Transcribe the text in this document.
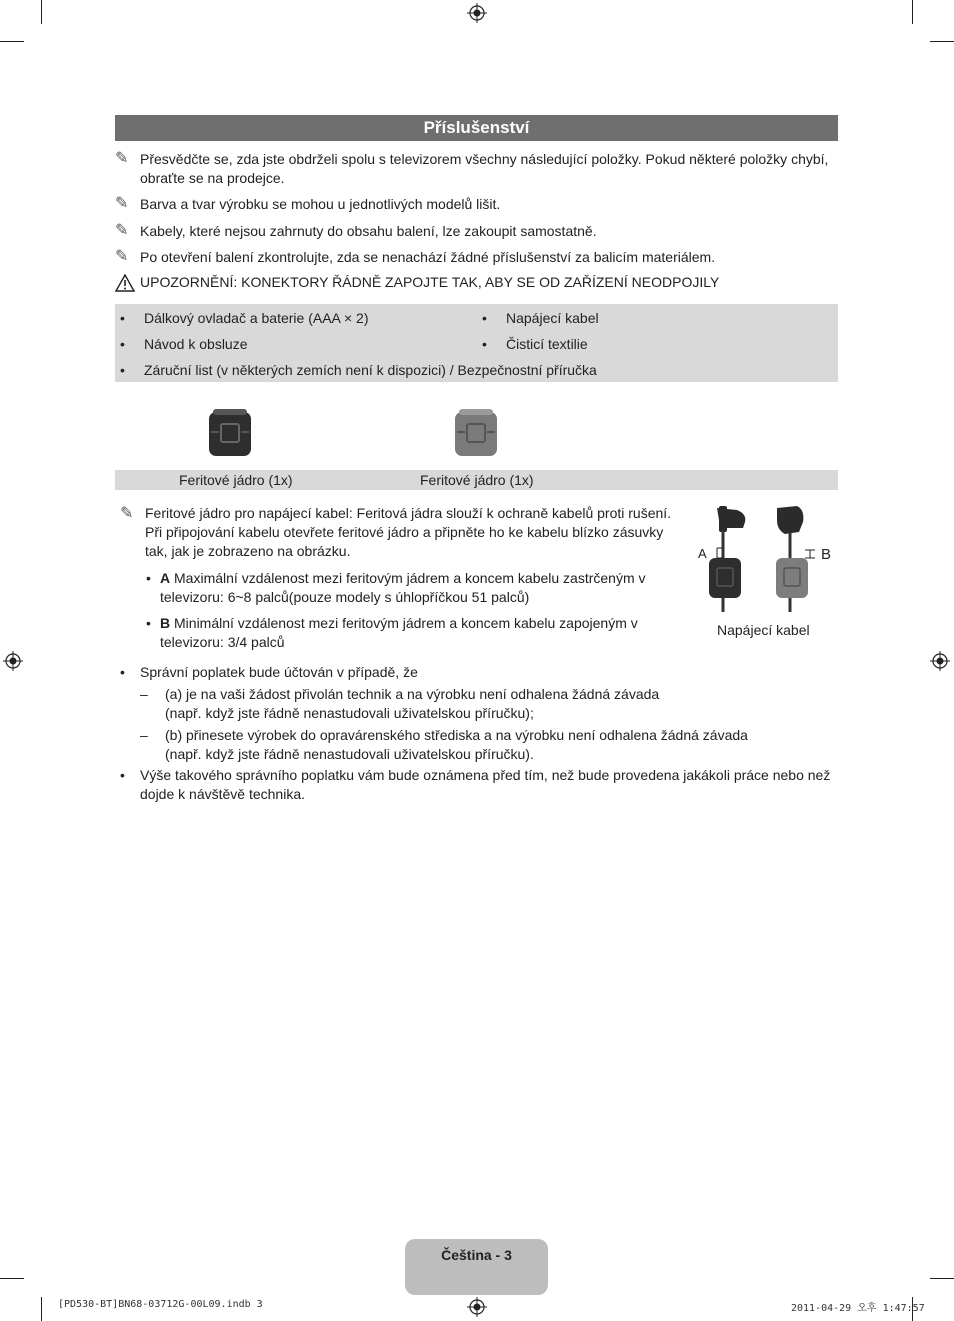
Příslušenství
✎ Přesvědčte se, zda jste obdrželi spolu s televizorem všechny následující položky. Pokud některé položky chybí, obraťte se na prodejce.
✎ Barva a tvar výrobku se mohou u jednotlivých modelů lišit.
✎ Kabely, které nejsou zahrnuty do obsahu balení, lze zakoupit samostatně.
✎ Po otevření balení zkontrolujte, zda se nenachází žádné příslušenství za balicím materiálem.
UPOZORNĚNÍ: KONEKTORY ŘÁDNĚ ZAPOJTE TAK, ABY SE OD ZAŘÍZENÍ NEODPOJILY
• Dálkový ovladač a baterie (AAA × 2)	• Napájecí kabel
• Návod k obsluze	• Čisticí textilie
• Záruční list (v některých zemích není k dispozici) / Bezpečnostní příručka
Feritové jádro (1x)	Feritové jádro (1x)
✎ Feritové jádro pro napájecí kabel: Feritová jádra slouží k ochraně kabelů proti rušení. Při připojování kabelu otevřete feritové jádro a připněte ho ke kabelu blízko zásuvky tak, jak je zobrazeno na obrázku.
• A Maximální vzdálenost mezi feritovým jádrem a koncem kabelu zastrčeným v televizoru: 6~8 palců(pouze modely s úhlopříčkou 51 palců)
• B Minimální vzdálenost mezi feritovým jádrem a koncem kabelu zapojeným v televizoru: 3/4 palců
A	B
Napájecí kabel
• Správní poplatek bude účtován v případě, že
– (a) je na vaši žádost přivolán technik a na výrobku není odhalena žádná závada (např. když jste řádně nenastudovali uživatelskou příručku);
– (b) přinesete výrobek do opravárenského střediska a na výrobku není odhalena žádná závada (např. když jste řádně nenastudovali uživatelskou příručku).
• Výše takového správního poplatku vám bude oznámena před tím, než bude provedena jakákoli práce nebo než dojde k návštěvě technika.
Čeština - 3
[PD530-BT]BN68-03712G-00L09.indb 3	2011-04-29 오후 1:47:57
